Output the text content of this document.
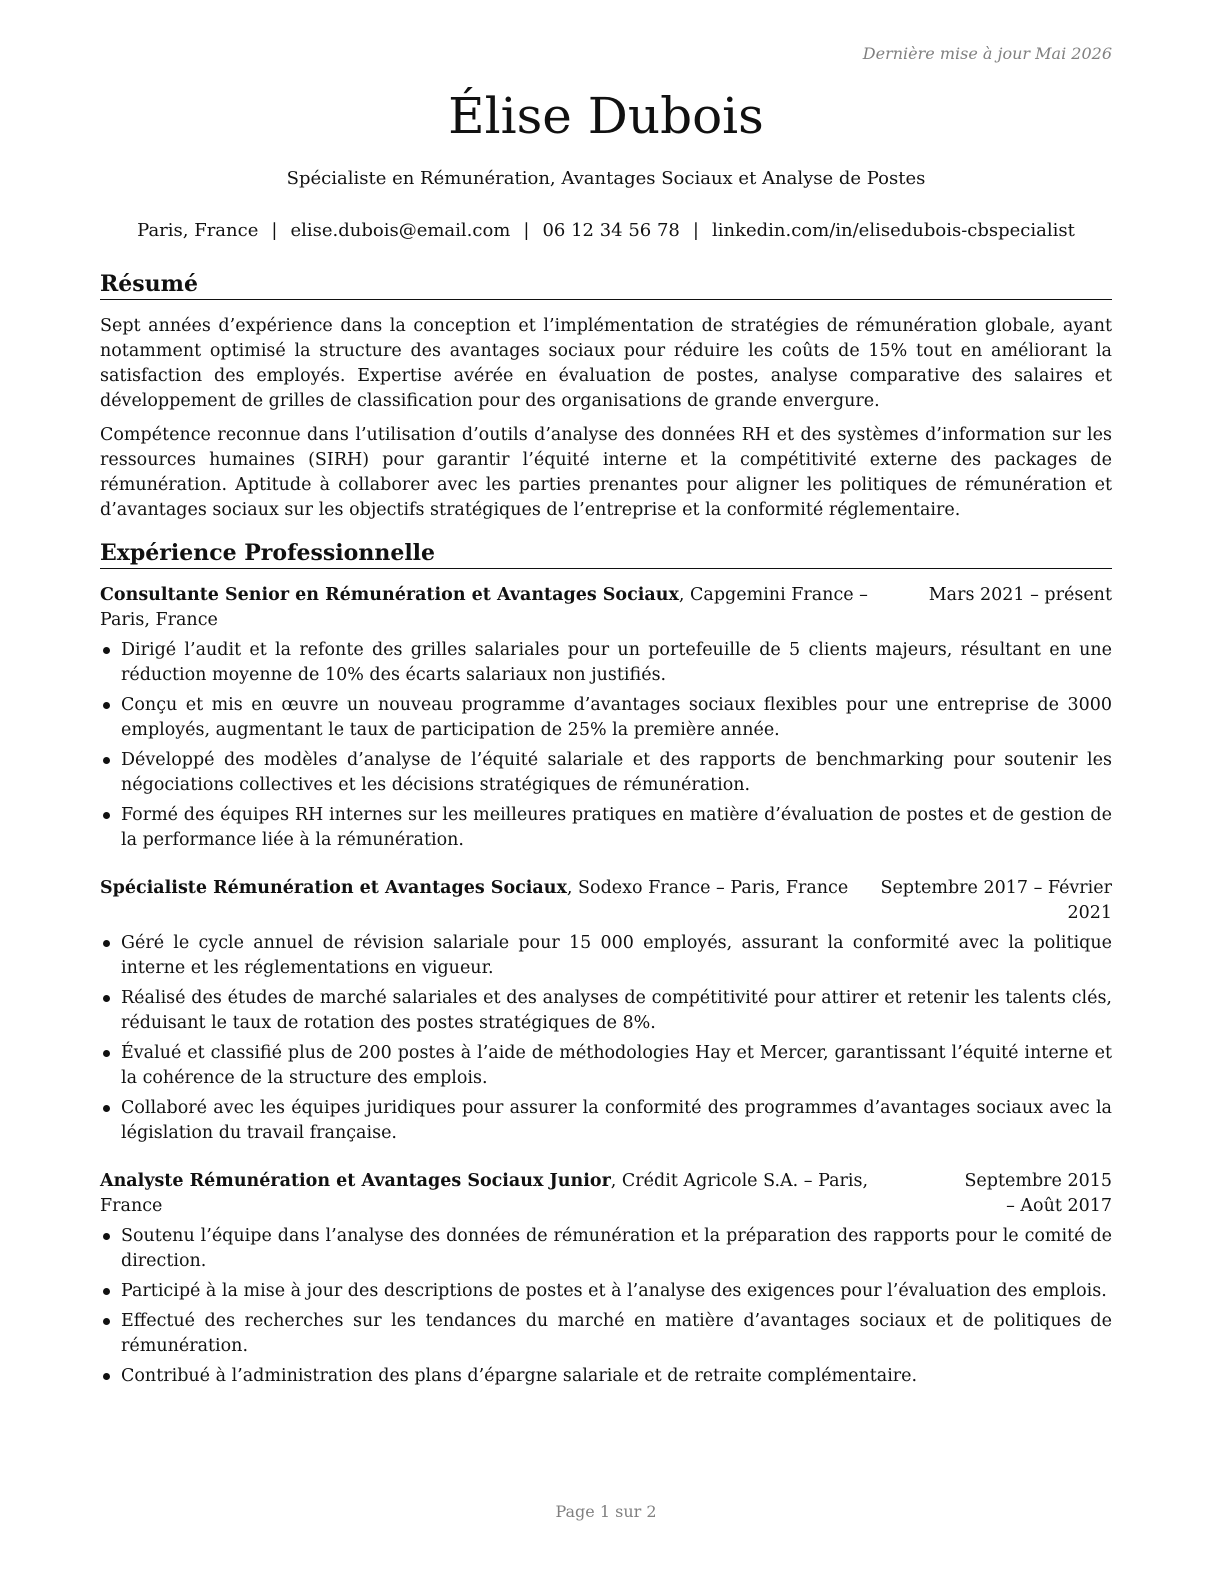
Dernière mise à jour Mai 2026
Élise Dubois
Spécialiste en Rémunération, Avantages Sociaux et Analyse de Postes
Paris, France | elise.dubois@email.com | 06 12 34 56 78 | linkedin.com/in/elisedubois-cbspecialist
Résumé

Sept années d’expérience dans la conception et l’implémentation de stratégies de rémunération globale, ayant notamment optimisé la structure des avantages sociaux pour réduire les coûts de 15% tout en améliorant la satisfaction des employés. Expertise avérée en évaluation de postes, analyse comparative des salaires et développement de grilles de classification pour des organisations de grande envergure.

Compétence reconnue dans l’utilisation d’outils d’analyse des données RH et des systèmes d’information sur les ressources humaines (SIRH) pour garantir l’équité interne et la compétitivité externe des packages de rémunération. Aptitude à collaborer avec les parties prenantes pour aligner les politiques de rémunération et d’avantages sociaux sur les objectifs stratégiques de l’entreprise et la conformité réglementaire.

Expérience Professionnelle
Consultante Senior en Rémunération et Avantages Sociaux, Capgemini France – Paris, France
Mars 2021 – présent
Dirigé l’audit et la refonte des grilles salariales pour un portefeuille de 5 clients majeurs, résultant en une réduction moyenne de 10% des écarts salariaux non justifiés.
Conçu et mis en œuvre un nouveau programme d’avantages sociaux flexibles pour une entreprise de 3000 employés, augmentant le taux de participation de 25% la première année.
Développé des modèles d’analyse de l’équité salariale et des rapports de benchmarking pour soutenir les négociations collectives et les décisions stratégiques de rémunération.
Formé des équipes RH internes sur les meilleures pratiques en matière d’évaluation de postes et de gestion de la performance liée à la rémunération.
Spécialiste Rémunération et Avantages Sociaux, Sodexo France – Paris, France	Septembre 2017 – Février 2021
Géré le cycle annuel de révision salariale pour 15 000 employés, assurant la conformité avec la politique interne et les réglementations en vigueur.
Réalisé des études de marché salariales et des analyses de compétitivité pour attirer et retenir les talents clés, réduisant le taux de rotation des postes stratégiques de 8%.
Évalué et classifié plus de 200 postes à l’aide de méthodologies Hay et Mercer, garantissant l’équité interne et la cohérence de la structure des emplois.
Collaboré avec les équipes juridiques pour assurer la conformité des programmes d’avantages sociaux avec la législation du travail française.
Analyste Rémunération et Avantages Sociaux Junior, Crédit Agricole S.A. – Paris, France
Septembre 2015 – Août 2017
Soutenu l’équipe dans l’analyse des données de rémunération et la préparation des rapports pour le comité de direction.
Participé à la mise à jour des descriptions de postes et à l’analyse des exigences pour l’évaluation des emplois.
Effectué des recherches sur les tendances du marché en matière d’avantages sociaux et de politiques de rémunération.
Contribué à l’administration des plans d’épargne salariale et de retraite complémentaire.
Page 1 sur 2
